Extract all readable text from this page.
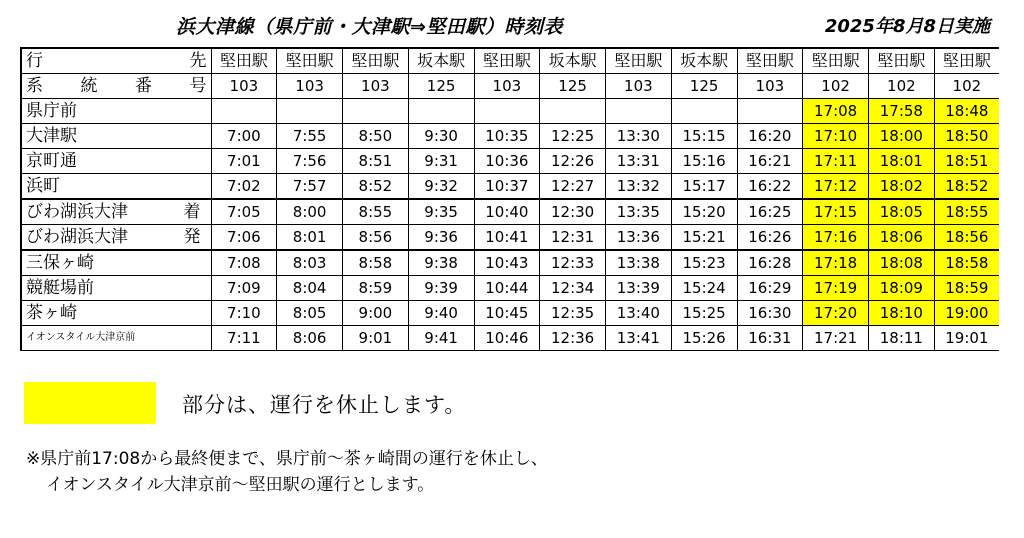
浜大津線（県庁前・大津駅⇒堅田駅）時刻表	2025年8月8日実施
行 先	堅田駅	堅田駅	堅田駅	坂本駅	堅田駅	坂本駅	堅田駅	坂本駅	堅田駅	堅田駅	堅田駅	堅田駅

系 統 番 号	103	103	103	125	103	125	103	125	103	102	102	102
県庁前										17:08	17:58	18:48
大津駅	7:00	7:55	8:50	9:30	10:35	12:25	13:30	15:15	16:20	17:10	18:00	18:50
京町通	7:01	7:56	8:51	9:31	10:36	12:26	13:31	15:16	16:21	17:11	18:01	18:51
浜町	7:02	7:57	8:52	9:32	10:37	12:27	13:32	15:17	16:22	17:12	18:02	18:52

びわ湖浜大津 着	7:05	8:00	8:55	9:35	10:40	12:30	13:35	15:20	16:25	17:15	18:05	18:55

びわ湖浜大津 発	7:06	8:01	8:56	9:36	10:41	12:31	13:36	15:21	16:26	17:16	18:06	18:56
三保ヶ崎	7:08	8:03	8:58	9:38	10:43	12:33	13:38	15:23	16:28	17:18	18:08	18:58
競艇場前	7:09	8:04	8:59	9:39	10:44	12:34	13:39	15:24	16:29	17:19	18:09	18:59
茶ヶ崎	7:10	8:05	9:00	9:40	10:45	12:35	13:40	15:25	16:30	17:20	18:10	19:00
イオンスタイル大津京前	7:11	8:06	9:01	9:41	10:46	12:36	13:41	15:26	16:31	17:21	18:11	19:01
部分は、運行を休止します。
※県庁前17:08から最終便まで、県庁前～茶ヶ崎間の運行を休止し、
イオンスタイル大津京前～堅田駅の運行とします。
